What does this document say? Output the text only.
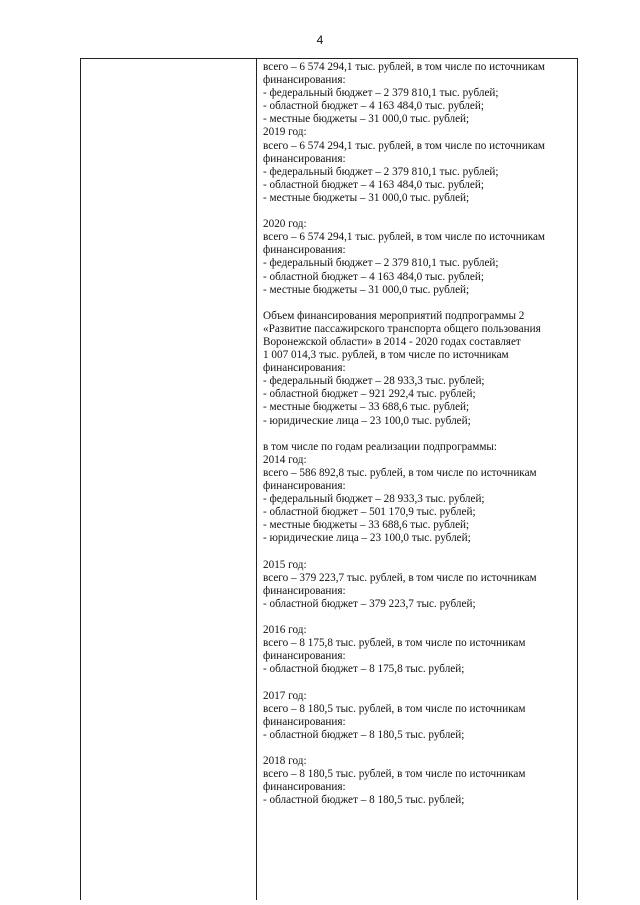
4
всего – 6 574 294,1 тыс. рублей, в том числе по источникам
финансирования:
- федеральный бюджет – 2 379 810,1 тыс. рублей;
- областной бюджет – 4 163 484,0 тыс. рублей;
- местные бюджеты – 31 000,0 тыс. рублей;
2019 год:
всего – 6 574 294,1 тыс. рублей, в том числе по источникам
финансирования:
- федеральный бюджет – 2 379 810,1 тыс. рублей;
- областной бюджет – 4 163 484,0 тыс. рублей;
- местные бюджеты – 31 000,0 тыс. рублей;
2020 год:
всего – 6 574 294,1 тыс. рублей, в том числе по источникам
финансирования:
- федеральный бюджет – 2 379 810,1 тыс. рублей;
- областной бюджет – 4 163 484,0 тыс. рублей;
- местные бюджеты – 31 000,0 тыс. рублей;
Объем финансирования мероприятий подпрограммы 2
«Развитие пассажирского транспорта общего пользования
Воронежской области» в 2014 - 2020 годах составляет
1 007 014,3 тыс. рублей, в том числе по источникам
финансирования:
- федеральный бюджет – 28 933,3 тыс. рублей;
- областной бюджет – 921 292,4 тыс. рублей;
- местные бюджеты – 33 688,6 тыс. рублей;
- юридические лица – 23 100,0 тыс. рублей;
в том числе по годам реализации подпрограммы:
2014 год:
всего – 586 892,8 тыс. рублей, в том числе по источникам
финансирования:
- федеральный бюджет – 28 933,3 тыс. рублей;
- областной бюджет – 501 170,9 тыс. рублей;
- местные бюджеты – 33 688,6 тыс. рублей;
- юридические лица – 23 100,0 тыс. рублей;
2015 год:
всего – 379 223,7 тыс. рублей, в том числе по источникам
финансирования:
- областной бюджет – 379 223,7 тыс. рублей;
2016 год:
всего – 8 175,8 тыс. рублей, в том числе по источникам
финансирования:
- областной бюджет – 8 175,8 тыс. рублей;
2017 год:
всего – 8 180,5 тыс. рублей, в том числе по источникам
финансирования:
- областной бюджет – 8 180,5 тыс. рублей;
2018 год:
всего – 8 180,5 тыс. рублей, в том числе по источникам
финансирования:
- областной бюджет – 8 180,5 тыс. рублей;
